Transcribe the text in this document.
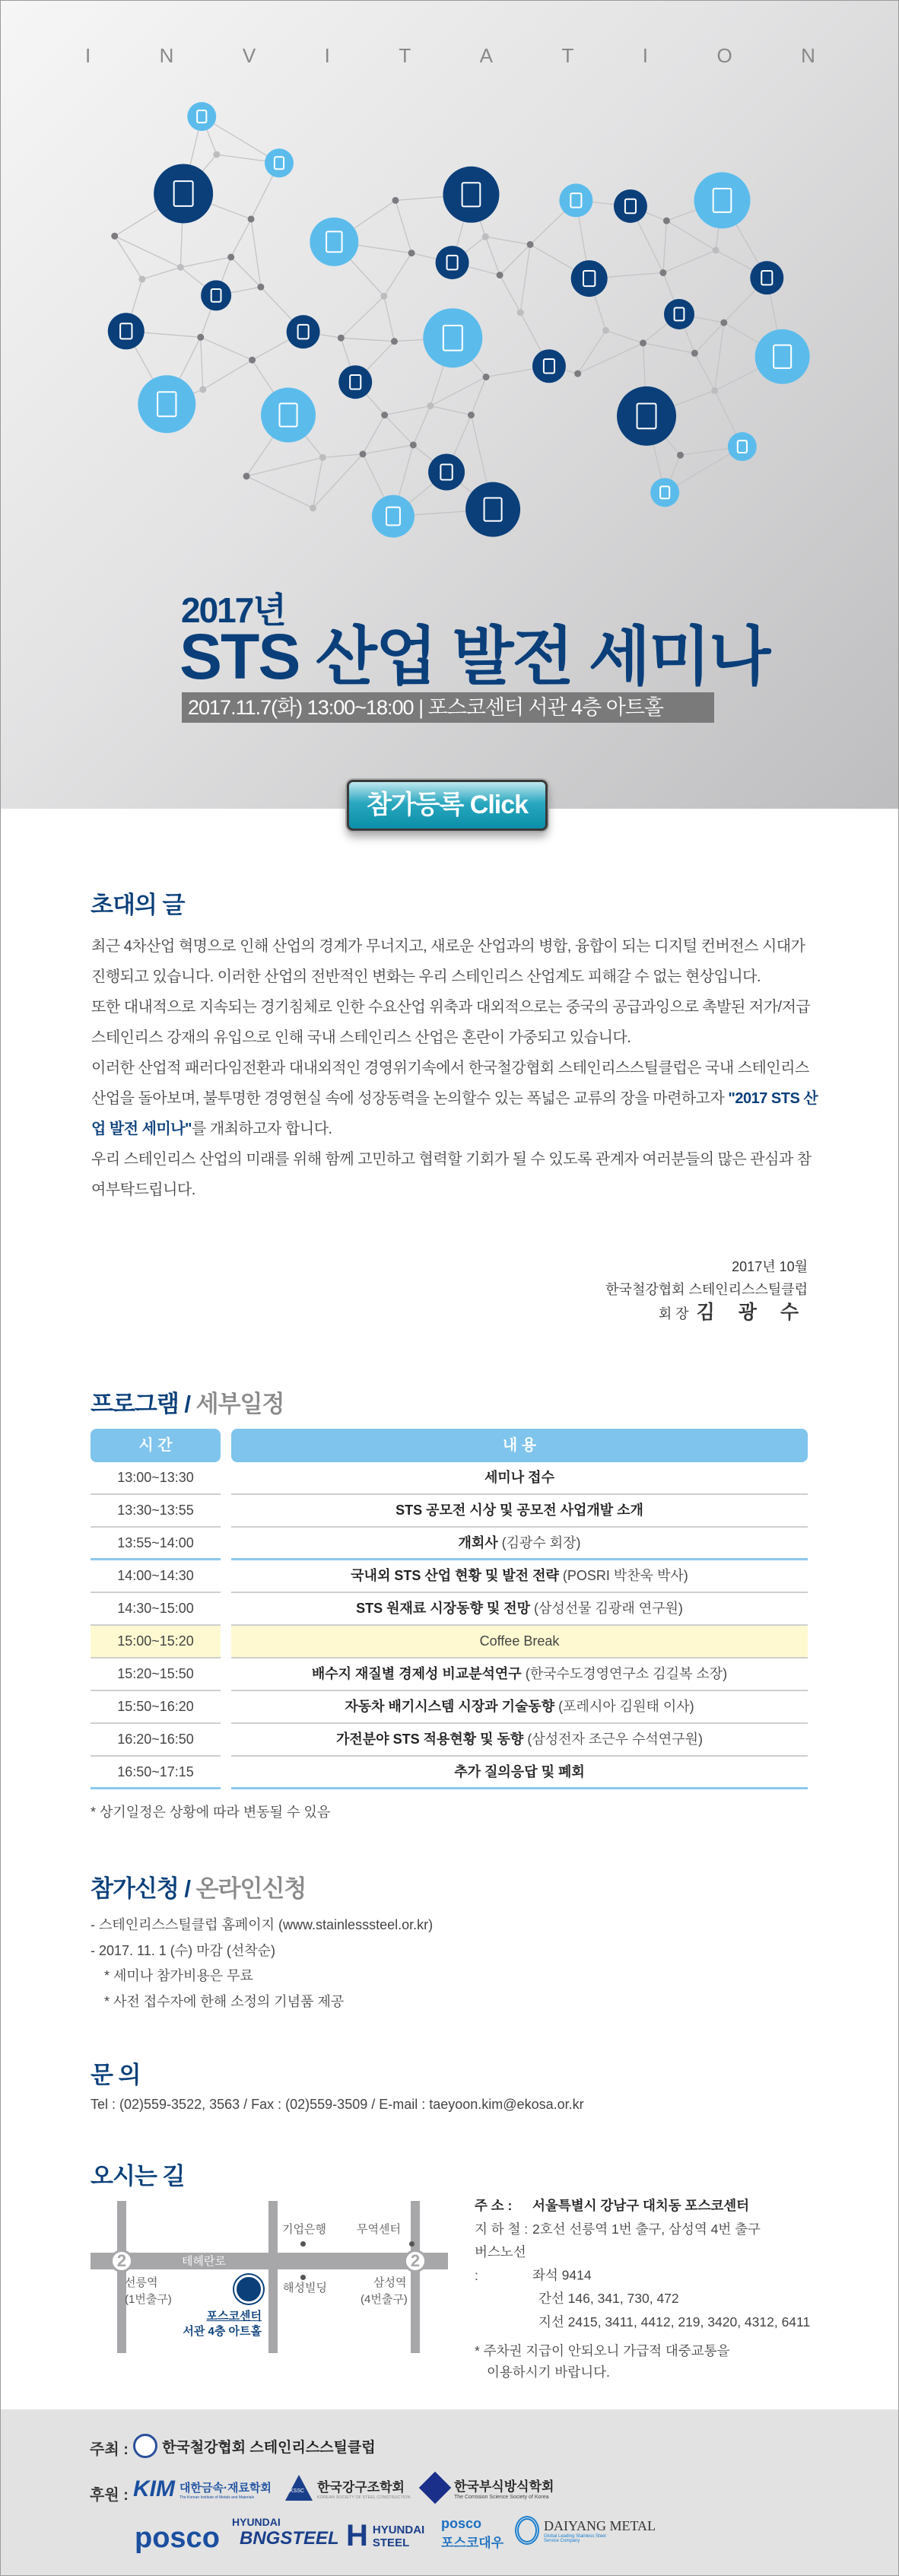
I	N	V	I	T	A	T	I	O	N
2017년
STS 산업 발전 세미나
2017.11.7(화) 13:00~18:00 | 포스코센터 서관 4층 아트홀
참가등록 Click
초대의 글

최근 4차산업 혁명으로 인해 산업의 경계가 무너지고, 새로운 산업과의 병합, 융합이 되는 디지털 컨버전스 시대가 진행되고 있습니다. 이러한 산업의 전반적인 변화는 우리 스테인리스 산업계도 피해갈 수 없는 현상입니다.

또한 대내적으로 지속되는 경기침체로 인한 수요산업 위축과 대외적으로는 중국의 공급과잉으로 촉발된 저가/저급 스테인리스 강재의 유입으로 인해 국내 스테인리스 산업은 혼란이 가중되고 있습니다.

이러한 산업적 패러다임전환과 대내외적인 경영위기속에서 한국철강협회 스테인리스스틸클럽은 국내 스테인리스산업을 돌아보며, 불투명한 경영현실 속에 성장동력을 논의할수 있는 폭넓은 교류의 장을 마련하고자 "2017 STS 산업 발전 세미나"를 개최하고자 합니다.

우리 스테인리스 산업의 미래를 위해 함께 고민하고 협력할 기회가 될 수 있도록 관계자 여러분들의 많은 관심과 참여부탁드립니다.

2017년 10월
한국철강협회 스테인리스스틸클럽
회 장 김 광 수
프로그램 / 세부일정
시 간	내 용
13:00~13:30	세미나 접수
13:30~13:55	STS 공모전 시상 및 공모전 사업개발 소개
13:55~14:00	개회사 (김광수 회장)
14:00~14:30	국내외 STS 산업 현황 및 발전 전략 (POSRI 박찬욱 박사)
14:30~15:00	STS 원재료 시장동향 및 전망 (삼성선물 김광래 연구원)
15:00~15:20	Coffee Break
15:20~15:50	배수지 재질별 경제성 비교분석연구 (한국수도경영연구소 김길복 소장)
15:50~16:20	자동차 배기시스템 시장과 기술동향 (포레시아 김원태 이사)
16:20~16:50	가전분야 STS 적용현황 및 동향 (삼성전자 조근우 수석연구원)
16:50~17:15	추가 질의응답 및 폐회
* 상기일정은 상황에 따라 변동될 수 있음
참가신청 / 온라인신청
- 스테인리스스틸클럽 홈페이지 (www.stainlesssteel.or.kr)
- 2017. 11. 1 (수) 마감 (선착순)
* 세미나 참가비용은 무료
* 사전 접수자에 한해 소정의 기념품 제공
문 의
Tel : (02)559-3522, 3563 / Fax : (02)559-3509 / E-mail : taeyoon.kim@ekosa.or.kr
오시는 길
테헤란로
2	2
기업은행	무역센터
해성빌딩
선릉역
(1번출구)
삼성역
(4번출구)
포스코센터
서관 4층 아트홀
주 소 : 서울특별시 강남구 대치동 포스코센터
지 하 철 : 2호선 선릉역 1번 출구, 삼성역 4번 출구
버스노선 :	좌석 9414
간선 146, 341, 730, 472
지선 2415, 3411, 4412, 219, 3420, 4312, 6411
* 주차권 지급이 안되오니 가급적 대중교통을
이용하시기 바랍니다.
주최 : 한국철강협회 스테인리스스틸클럽
후원 : KIM 대한금속·재료학회
The Korean Institute of Metals and Materials
KSSC 한국강구조학회
KOREAN SOCIETY OF STEEL CONSTRUCTION
한국부식방식학회
The Corrosion Science Society of Korea
posco HYUNDAI
BNGSTEEL H HYUNDAI
STEEL
posco
포스코대우
DAIYANG METAL
Global Leading Stainless Steel Service Company
